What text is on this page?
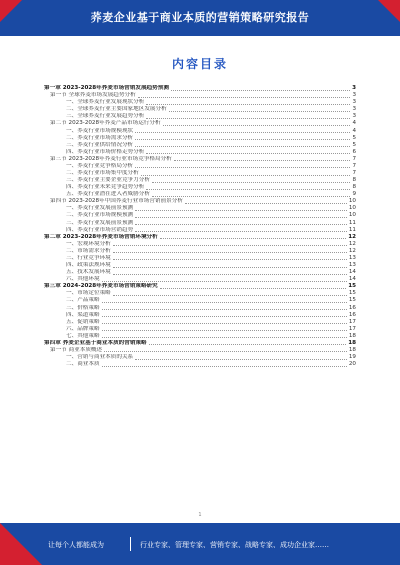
荞麦企业基于商业本质的营销策略研究报告
内容目录
第一章 2023-2028年荞麦市场营销发展趋势预测	3
第一节 全球荞麦市场发展趋势分析	3
一、全球荞麦行业发展现状分析	3
二、全球荞麦行业主要国家地区发展分析	3
三、全球荞麦行业发展趋势分析	3
第二节 2023-2028年荞麦产品市场运行分析	4
一、荞麦行业市场规模现状	4
二、荞麦行业市场需求分析	5
三、荞麦行业供给情况分析	5
四、荞麦行业市场价格走势分析	6
第三节 2023-2028年荞麦行业市场竞争格局分析	7
一、荞麦行业竞争格局分析	7
二、荞麦行业市场集中度分析	7
三、荞麦行业主要企业竞争力分析	8
四、荞麦行业未来竞争趋势分析	8
五、荞麦行业潜在进入者威胁分析	9
第四节 2023-2028年中国荞麦行业市场营销前景分析	10
一、荞麦行业发展前景预测	10
二、荞麦行业市场规模预测	10
三、荞麦行业发展前景预测	11
四、荞麦行业市场营销趋势	11
第二章 2023-2028年荞麦市场营销环境分析	12
一、宏观环境分析	12
二、市场需求分析	12
三、行业竞争环境	13
四、政策法规环境	13
五、技术发展环境	14
六、其他环境	14
第三章 2024-2028年荞麦市场营销策略研究	15
一、市场定位策略	15
二、产品策略	15
三、价格策略	16
四、渠道策略	16
五、促销策略	17
六、品牌策略	17
七、其他策略	18
第四章 荞麦企业基于商业本质的营销策略	18
第一节 商业本质概述	18
一、营销与商业本质的关系	19
二、商业本质	20
1
让每个人都能成为	行业专家、管理专家、营销专家、战略专家、成功企业家……
